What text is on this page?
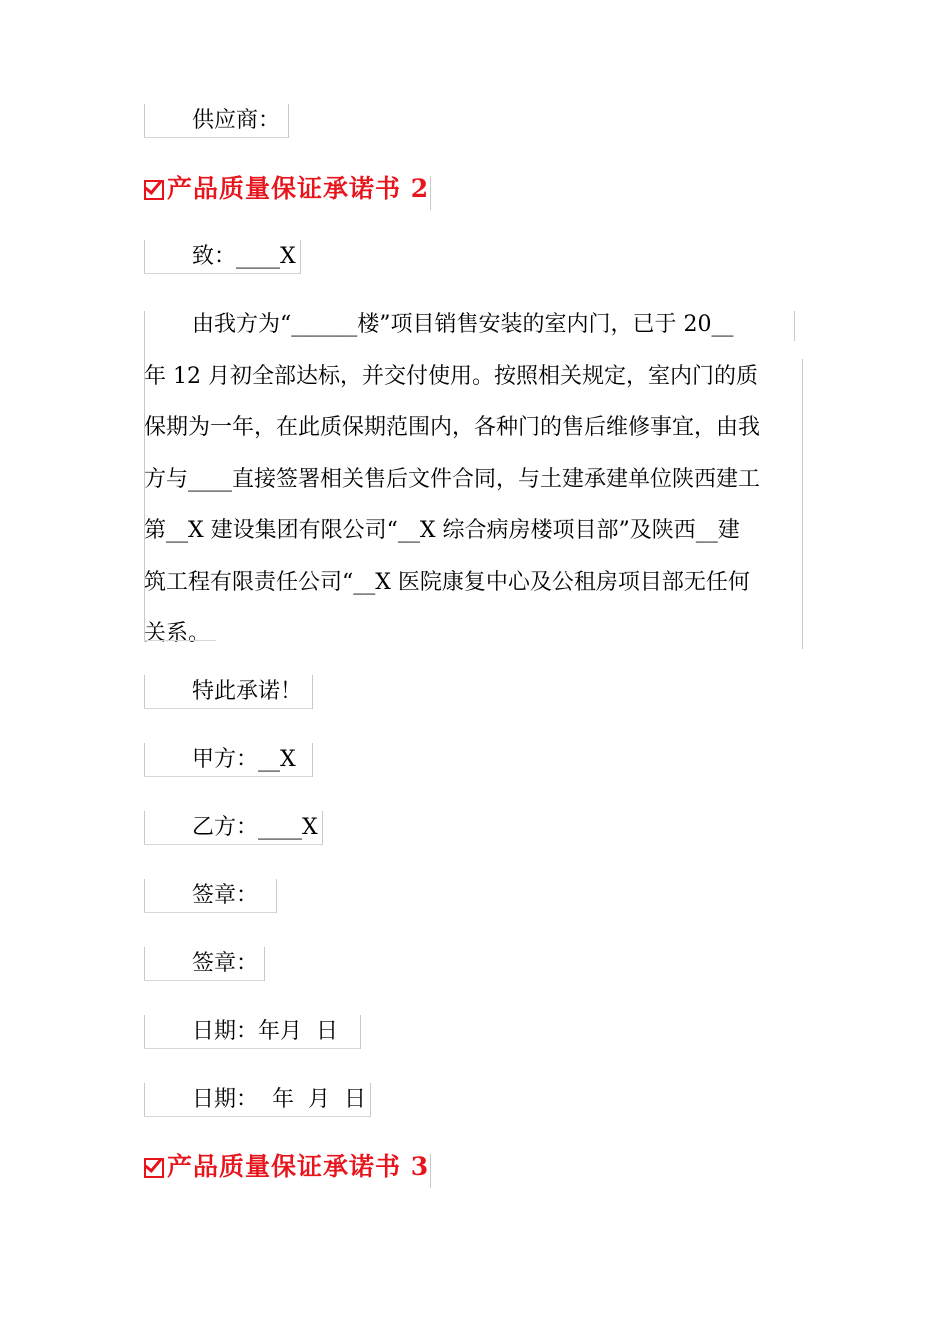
供应商：
产品质量保证承诺书 2
致：____X
由我方为“______楼”项目销售安装的室内门，已于 20__
年 12 月初全部达标，并交付使用。按照相关规定，室内门的质
保期为一年，在此质保期范围内，各种门的售后维修事宜，由我
方与____直接签署相关售后文件合同，与土建承建单位陕西建工
第__X 建设集团有限公司“__X 综合病房楼项目部”及陕西__建
筑工程有限责任公司“__X 医院康复中心及公租房项目部无任何
关系。
特此承诺！
甲方：__X
乙方：____X
签章：
签章：
日期：年月  日
日期：  年  月  日
产品质量保证承诺书 3
